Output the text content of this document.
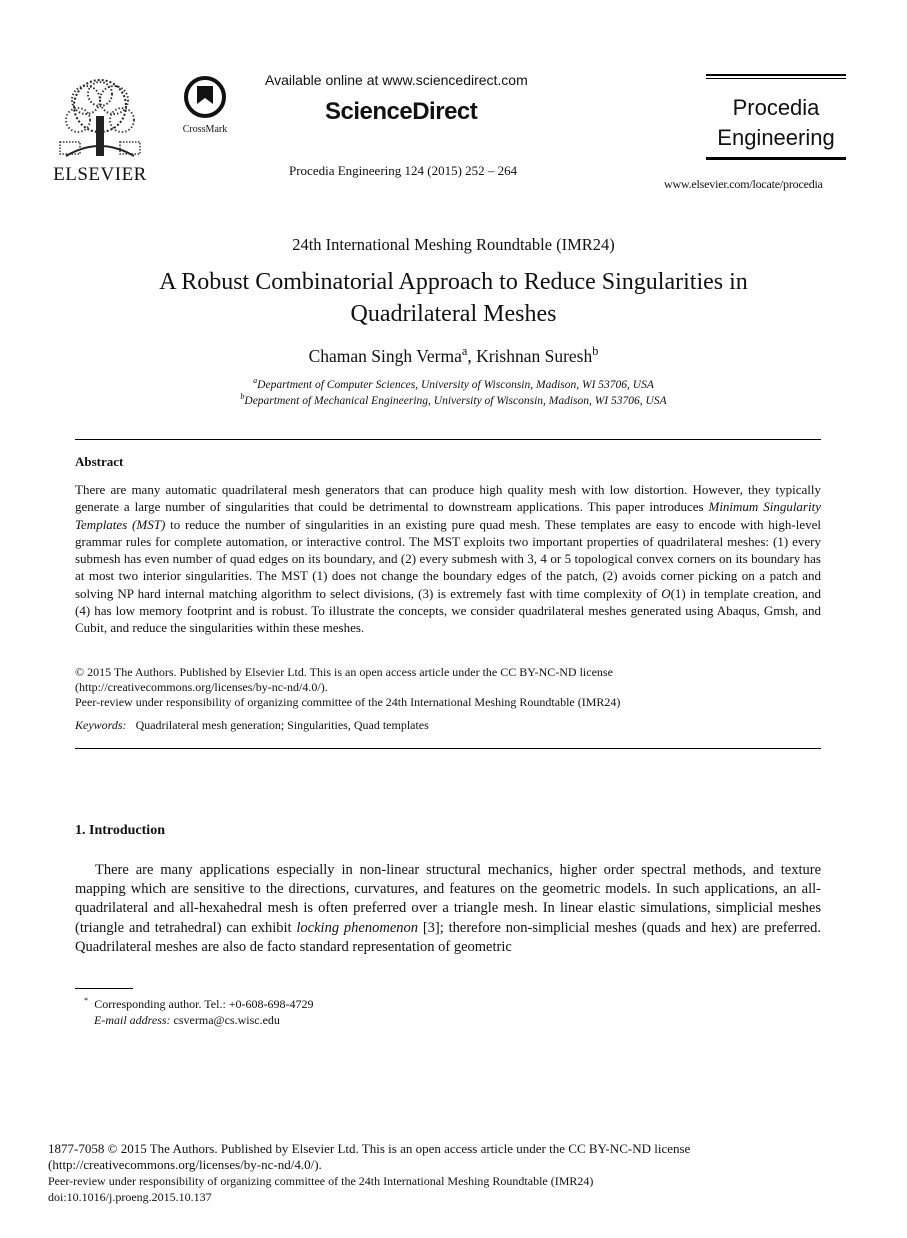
ELSEVIER
CrossMark
Available online at www.sciencedirect.com
ScienceDirect
Procedia Engineering 124 (2015) 252 – 264
Procedia
Engineering
www.elsevier.com/locate/procedia
24th International Meshing Roundtable (IMR24)
A Robust Combinatorial Approach to Reduce Singularities in
Quadrilateral Meshes
Chaman Singh Verma$^a$, Krishnan Suresh$^b$
$^a$Department of Computer Sciences, University of Wisconsin, Madison, WI 53706, USA
$^b$Department of Mechanical Engineering, University of Wisconsin, Madison, WI 53706, USA
Abstract
There are many automatic quadrilateral mesh generators that can produce high quality mesh with low distortion. However, they typically generate a large number of singularities that could be detrimental to downstream applications. This paper introduces Minimum Singularity Templates (MST) to reduce the number of singularities in an existing pure quad mesh. These templates are easy to encode with high-level grammar rules for complete automation, or interactive control. The MST exploits two important properties of quadrilateral meshes: (1) every submesh has even number of quad edges on its boundary, and (2) every submesh with 3, 4 or 5 topological convex corners on its boundary has at most two interior singularities. The MST (1) does not change the boundary edges of the patch, (2) avoids corner picking on a patch and solving NP hard internal matching algorithm to select divisions, (3) is extremely fast with time complexity of O(1) in template creation, and (4) has low memory footprint and is robust. To illustrate the concepts, we consider quadrilateral meshes generated using Abaqus, Gmsh, and Cubit, and reduce the singularities within these meshes.
© 2015 The Authors. Published by Elsevier Ltd. This is an open access article under the CC BY-NC-ND license
(http://creativecommons.org/licenses/by-nc-nd/4.0/).
Peer-review under responsibility of organizing committee of the 24th International Meshing Roundtable (IMR24)
Keywords: Quadrilateral mesh generation; Singularities, Quad templates
1. Introduction
There are many applications especially in non-linear structural mechanics, higher order spectral methods, and texture mapping which are sensitive to the directions, curvatures, and features on the geometric models. In such applications, an all-quadrilateral and all-hexahedral mesh is often preferred over a triangle mesh. In linear elastic simulations, simplicial meshes (triangle and tetrahedral) can exhibit locking phenomenon [3]; therefore non-simplicial meshes (quads and hex) are preferred. Quadrilateral meshes are also de facto standard representation of geometric
* Corresponding author. Tel.: +0-608-698-4729
E-mail address: csverma@cs.wisc.edu
1877-7058 © 2015 The Authors. Published by Elsevier Ltd. This is an open access article under the CC BY-NC-ND license
(http://creativecommons.org/licenses/by-nc-nd/4.0/).
Peer-review under responsibility of organizing committee of the 24th International Meshing Roundtable (IMR24)
doi:10.1016/j.proeng.2015.10.137
